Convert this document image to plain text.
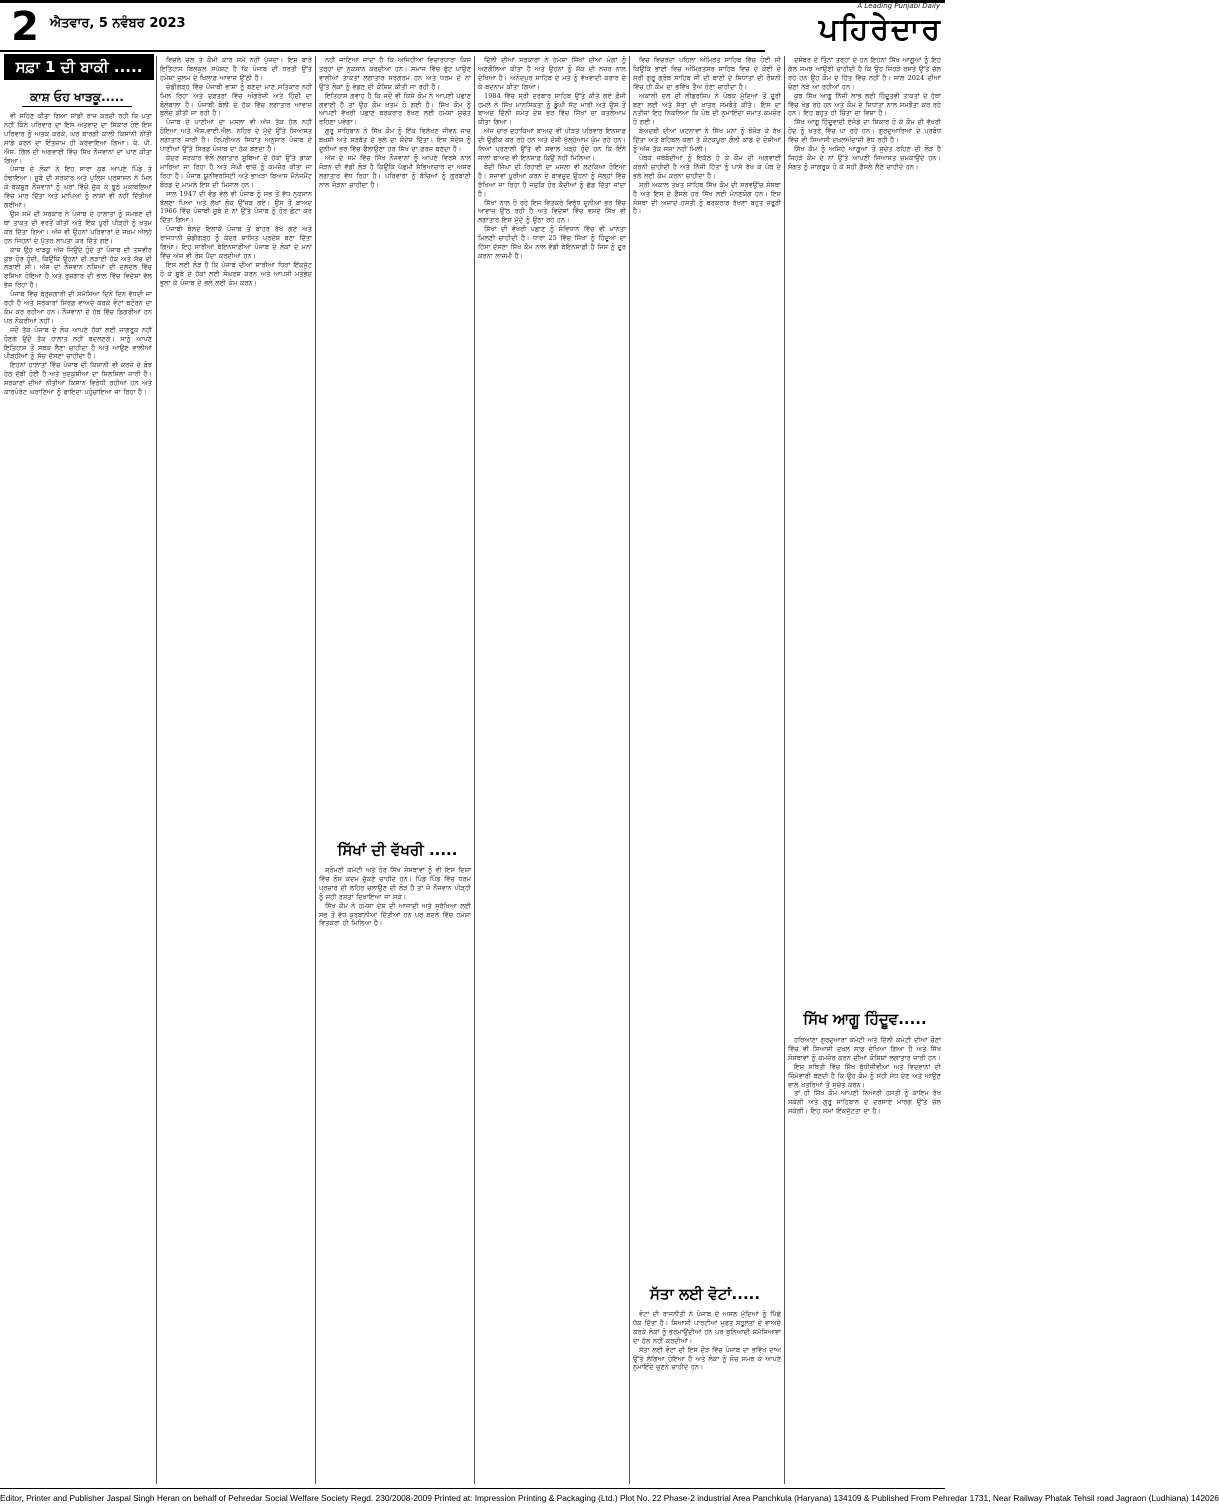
2 ਐਤਵਾਰ, 5 ਨਵੰਬਰ 2023
A Leading Punjabi Daily
ਪਹਿਰੇਦਾਰ
ਸਫ਼ਾ 1 ਦੀ ਬਾਕੀ .....
ਕਾਸ਼ ਓਹ ਖਾੜਕੂ.....

ਵੀ ਸਹਿਣ ਕੀਤਾ ਗਿਆ ਸਾਡੀ ਰਾਜ ਕਰਦੀ ਰਹੀ ਕਿ ਪਤਾ ਨਹੀਂ ਕਿੰਨੇ ਪਰਿਵਾਰ ਦਾ ਇਸ ਅਤਵਾਦ ਦਾ ਸਿਕਾਰ ਹੋਏ ਇਸ ਪਰਿਵਾਰ ਨੂੰ ਅਤਕ ਕਰਕੇ, ਘਰ ਬਾਰਗੀ ਕਾਲੀ ਕਿਸਾਨੀ ਨੀਤੀ ਸਾਡੇ ਕਰਨ ਦਾ ਇੰਤਜ਼ਾਮ ਹੀ ਕਰਵਾਇਆ ਗਿਆ। ਕੇ. ਪੀ. ਐਸ. ਗਿੱਲ ਦੀ ਅਗਵਾਈ ਵਿੱਚ ਸਿੱਖ ਨੌਜਵਾਨਾਂ ਦਾ ਘਾਣ ਕੀਤਾ ਗਿਆ।

ਪੰਜਾਬ ਦੇ ਲੋਕਾਂ ਨੇ ਇਹ ਸਾਰਾ ਕੁਝ ਆਪਣੇ ਪਿੰਡੇ ਤੇ ਹੰਢਾਇਆ। ਸੂਬੇ ਦੀ ਸਰਕਾਰ ਅਤੇ ਪੁਲਿਸ ਪ੍ਰਸ਼ਾਸਨ ਨੇ ਮਿਲ ਕੇ ਬੇਕਸੂਰ ਨੌਜਵਾਨਾਂ ਨੂੰ ਘਰਾਂ ਵਿੱਚੋਂ ਚੁੱਕ ਕੇ ਝੂਠੇ ਮੁਕਾਬਲਿਆਂ ਵਿੱਚ ਮਾਰ ਦਿੱਤਾ ਅਤੇ ਮਾਪਿਆਂ ਨੂੰ ਲਾਸ਼ਾਂ ਵੀ ਨਹੀਂ ਦਿੱਤੀਆਂ ਗਈਆਂ।

ਉਸ ਸਮੇਂ ਦੀ ਸਰਕਾਰ ਨੇ ਪੰਜਾਬ ਦੇ ਹਾਲਾਤਾਂ ਨੂੰ ਸਮਝਣ ਦੀ ਥਾਂ ਤਾਕਤ ਦੀ ਵਰਤੋਂ ਕੀਤੀ ਅਤੇ ਇੱਕ ਪੂਰੀ ਪੀੜ੍ਹੀ ਨੂੰ ਖ਼ਤਮ ਕਰ ਦਿੱਤਾ ਗਿਆ। ਅੱਜ ਵੀ ਉਹਨਾਂ ਪਰਿਵਾਰਾਂ ਦੇ ਜ਼ਖ਼ਮ ਅੱਲ੍ਹੇ ਹਨ ਜਿਹਨਾਂ ਦੇ ਪੁੱਤਰ ਲਾਪਤਾ ਕਰ ਦਿੱਤੇ ਗਏ।

ਕਾਸ਼ ਉਹ ਖਾੜਕੂ ਅੱਜ ਜਿਉਂਦੇ ਹੁੰਦੇ ਤਾਂ ਪੰਜਾਬ ਦੀ ਤਸਵੀਰ ਕੁਝ ਹੋਰ ਹੁੰਦੀ, ਕਿਉਂਕਿ ਉਹਨਾਂ ਦੀ ਲੜਾਈ ਹੱਕ ਅਤੇ ਸੱਚ ਦੀ ਲੜਾਈ ਸੀ। ਅੱਜ ਦਾ ਨੌਜਵਾਨ ਨਸ਼ਿਆਂ ਦੀ ਦਲਦਲ ਵਿੱਚ ਫਸਿਆ ਹੋਇਆ ਹੈ ਅਤੇ ਰੁਜ਼ਗਾਰ ਦੀ ਭਾਲ ਵਿੱਚ ਵਿਦੇਸ਼ਾਂ ਵੱਲ ਭੱਜ ਰਿਹਾ ਹੈ।

ਪੰਜਾਬ ਵਿੱਚ ਬੇਰੁਜ਼ਗਾਰੀ ਦੀ ਸਮੱਸਿਆ ਦਿਨੋਂ ਦਿਨ ਵੱਧਦੀ ਜਾ ਰਹੀ ਹੈ ਅਤੇ ਸਰਕਾਰਾਂ ਸਿਰਫ਼ ਵਾਅਦੇ ਕਰਕੇ ਵੋਟਾਂ ਬਟੋਰਨ ਦਾ ਕੰਮ ਕਰ ਰਹੀਆਂ ਹਨ। ਨੌਜਵਾਨਾਂ ਦੇ ਹੱਥ ਵਿੱਚ ਡਿਗਰੀਆਂ ਹਨ ਪਰ ਨੌਕਰੀਆਂ ਨਹੀਂ।

ਜਦੋਂ ਤੱਕ ਪੰਜਾਬ ਦੇ ਲੋਕ ਆਪਣੇ ਹੱਕਾਂ ਲਈ ਜਾਗਰੂਕ ਨਹੀਂ ਹੋਣਗੇ ਉਦੋਂ ਤੱਕ ਹਾਲਾਤ ਨਹੀਂ ਬਦਲਣਗੇ। ਸਾਨੂੰ ਆਪਣੇ ਇਤਿਹਾਸ ਤੋਂ ਸਬਕ ਲੈਣਾ ਚਾਹੀਦਾ ਹੈ ਅਤੇ ਆਉਣ ਵਾਲੀਆਂ ਪੀੜ੍ਹੀਆਂ ਨੂੰ ਸੱਚ ਦੱਸਣਾ ਚਾਹੀਦਾ ਹੈ।

ਇਹਨਾਂ ਹਾਲਾਤਾਂ ਵਿੱਚ ਪੰਜਾਬ ਦੀ ਕਿਸਾਨੀ ਵੀ ਕਰਜ਼ੇ ਦੇ ਬੋਝ ਹੇਠ ਦੱਬੀ ਹੋਈ ਹੈ ਅਤੇ ਖੁਦਕੁਸ਼ੀਆਂ ਦਾ ਸਿਲਸਿਲਾ ਜਾਰੀ ਹੈ। ਸਰਕਾਰਾਂ ਦੀਆਂ ਨੀਤੀਆਂ ਕਿਸਾਨ ਵਿਰੋਧੀ ਰਹੀਆਂ ਹਨ ਅਤੇ ਕਾਰਪੋਰੇਟ ਘਰਾਣਿਆਂ ਨੂੰ ਫਾਇਦਾ ਪਹੁੰਚਾਇਆ ਜਾ ਰਿਹਾ ਹੈ।

ਵਿਚਲੇ ਚਲ ਤੇ ਕੌਮੀ ਕਾਰ ਸਮੇਂ ਨਹੀਂ ਪੁੱਜਦਾ। ਇਸ ਬਾਰੇ ਇਤਿਹਾਸ ਬਿਲਕੁਲ ਸਪੱਸ਼ਟ ਹੈ ਕਿ ਪੰਜਾਬ ਦੀ ਧਰਤੀ ਉੱਤੇ ਹਮੇਸ਼ਾ ਜ਼ੁਲਮ ਦੇ ਖ਼ਿਲਾਫ਼ ਆਵਾਜ਼ ਉੱਠੀ ਹੈ।

ਚੰਡੀਗੜ੍ਹ ਵਿੱਚ ਪੰਜਾਬੀ ਭਾਸ਼ਾ ਨੂੰ ਬਣਦਾ ਮਾਣ ਸਤਿਕਾਰ ਨਹੀਂ ਮਿਲ ਰਿਹਾ ਅਤੇ ਦਫ਼ਤਰਾਂ ਵਿੱਚ ਅੰਗਰੇਜ਼ੀ ਅਤੇ ਹਿੰਦੀ ਦਾ ਬੋਲਬਾਲਾ ਹੈ। ਪੰਜਾਬੀ ਬੋਲੀ ਦੇ ਹੱਕ ਵਿੱਚ ਲਗਾਤਾਰ ਆਵਾਜ਼ ਬੁਲੰਦ ਕੀਤੀ ਜਾ ਰਹੀ ਹੈ।

ਪੰਜਾਬ ਦੇ ਪਾਣੀਆਂ ਦਾ ਮਸਲਾ ਵੀ ਅੱਜ ਤੱਕ ਹੱਲ ਨਹੀਂ ਹੋਇਆ ਅਤੇ ਐਸ.ਵਾਈ.ਐਲ. ਨਹਿਰ ਦੇ ਮੁੱਦੇ ਉੱਤੇ ਸਿਆਸਤ ਲਗਾਤਾਰ ਜਾਰੀ ਹੈ। ਰਿਪੇਰੀਅਨ ਸਿਧਾਂਤ ਅਨੁਸਾਰ ਪੰਜਾਬ ਦੇ ਪਾਣੀਆਂ ਉੱਤੇ ਸਿਰਫ਼ ਪੰਜਾਬ ਦਾ ਹੱਕ ਬਣਦਾ ਹੈ।

ਕੇਂਦਰ ਸਰਕਾਰ ਵੱਲੋਂ ਲਗਾਤਾਰ ਸੂਬਿਆਂ ਦੇ ਹੱਕਾਂ ਉੱਤੇ ਡਾਕਾ ਮਾਰਿਆ ਜਾ ਰਿਹਾ ਹੈ ਅਤੇ ਸੰਘੀ ਢਾਂਚੇ ਨੂੰ ਕਮਜ਼ੋਰ ਕੀਤਾ ਜਾ ਰਿਹਾ ਹੈ। ਪੰਜਾਬ ਯੂਨੀਵਰਸਿਟੀ ਅਤੇ ਭਾਖੜਾ ਬਿਆਸ ਮੈਨੇਜਮੈਂਟ ਬੋਰਡ ਦੇ ਮਾਮਲੇ ਇਸ ਦੀ ਮਿਸਾਲ ਹਨ।

ਸਾਲ 1947 ਦੀ ਵੰਡ ਵੇਲੇ ਵੀ ਪੰਜਾਬ ਨੂੰ ਸਭ ਤੋਂ ਵੱਧ ਨੁਕਸਾਨ ਝੱਲਣਾ ਪਿਆ ਅਤੇ ਲੱਖਾਂ ਲੋਕ ਉੱਜੜ ਗਏ। ਉਸ ਤੋਂ ਬਾਅਦ 1966 ਵਿੱਚ ਪੰਜਾਬੀ ਸੂਬੇ ਦੇ ਨਾਂ ਉੱਤੇ ਪੰਜਾਬ ਨੂੰ ਹੋਰ ਛੋਟਾ ਕਰ ਦਿੱਤਾ ਗਿਆ।

ਪੰਜਾਬੀ ਬੋਲਦੇ ਇਲਾਕੇ ਪੰਜਾਬ ਤੋਂ ਬਾਹਰ ਰੱਖੇ ਗਏ ਅਤੇ ਰਾਜਧਾਨੀ ਚੰਡੀਗੜ੍ਹ ਨੂੰ ਕੇਂਦਰ ਸ਼ਾਸਿਤ ਪ੍ਰਦੇਸ਼ ਬਣਾ ਦਿੱਤਾ ਗਿਆ। ਇਹ ਸਾਰੀਆਂ ਬੇਇਨਸਾਫ਼ੀਆਂ ਪੰਜਾਬ ਦੇ ਲੋਕਾਂ ਦੇ ਮਨਾਂ ਵਿੱਚ ਅੱਜ ਵੀ ਰੋਸ ਪੈਦਾ ਕਰਦੀਆਂ ਹਨ।

ਇਸ ਲਈ ਲੋੜ ਹੈ ਕਿ ਪੰਜਾਬ ਦੀਆਂ ਸਾਰੀਆਂ ਧਿਰਾਂ ਇੱਕਜੁੱਟ ਹੋ ਕੇ ਸੂਬੇ ਦੇ ਹੱਕਾਂ ਲਈ ਸੰਘਰਸ਼ ਕਰਨ ਅਤੇ ਆਪਸੀ ਮਤਭੇਦ ਭੁਲਾ ਕੇ ਪੰਜਾਬ ਦੇ ਭਲੇ ਲਈ ਕੰਮ ਕਰਨ।

ਨਹੀਂ ਜਾਣਿਆ ਜਾਂਦਾ ਹੈ ਕਿ ਅਜਿਹੀਆਂ ਵਿਚਾਰਧਾਰਾ ਕਿਸ ਤਰ੍ਹਾਂ ਦਾ ਨੁਕਸਾਨ ਕਰਦੀਆਂ ਹਨ। ਸਮਾਜ ਵਿੱਚ ਫੁੱਟ ਪਾਉਣ ਵਾਲੀਆਂ ਤਾਕਤਾਂ ਲਗਾਤਾਰ ਸਰਗਰਮ ਹਨ ਅਤੇ ਧਰਮ ਦੇ ਨਾਂ ਉੱਤੇ ਲੋਕਾਂ ਨੂੰ ਵੰਡਣ ਦੀ ਕੋਸ਼ਿਸ਼ ਕੀਤੀ ਜਾ ਰਹੀ ਹੈ।

ਇਤਿਹਾਸ ਗਵਾਹ ਹੈ ਕਿ ਜਦੋਂ ਵੀ ਕਿਸੇ ਕੌਮ ਨੇ ਆਪਣੀ ਪਛਾਣ ਗਵਾਈ ਹੈ ਤਾਂ ਉਹ ਕੌਮ ਖ਼ਤਮ ਹੋ ਗਈ ਹੈ। ਸਿੱਖ ਕੌਮ ਨੂੰ ਆਪਣੀ ਵੱਖਰੀ ਪਛਾਣ ਬਰਕਰਾਰ ਰੱਖਣ ਲਈ ਹਮੇਸ਼ਾ ਸੁਚੇਤ ਰਹਿਣਾ ਪਵੇਗਾ।

ਗੁਰੂ ਸਾਹਿਬਾਨ ਨੇ ਸਿੱਖ ਕੌਮ ਨੂੰ ਇੱਕ ਵਿਲੱਖਣ ਜੀਵਨ ਜਾਚ ਬਖ਼ਸ਼ੀ ਅਤੇ ਸਰਬੱਤ ਦੇ ਭਲੇ ਦਾ ਸੰਦੇਸ਼ ਦਿੱਤਾ। ਇਸ ਸੰਦੇਸ਼ ਨੂੰ ਦੁਨੀਆਂ ਭਰ ਵਿੱਚ ਫੈਲਾਉਣਾ ਹਰ ਸਿੱਖ ਦਾ ਫ਼ਰਜ਼ ਬਣਦਾ ਹੈ।

ਅੱਜ ਦੇ ਸਮੇਂ ਵਿੱਚ ਸਿੱਖ ਨੌਜਵਾਨਾਂ ਨੂੰ ਆਪਣੇ ਵਿਰਸੇ ਨਾਲ ਜੋੜਨ ਦੀ ਵੱਡੀ ਲੋੜ ਹੈ ਕਿਉਂਕਿ ਪੱਛਮੀ ਸੱਭਿਆਚਾਰ ਦਾ ਅਸਰ ਲਗਾਤਾਰ ਵੱਧ ਰਿਹਾ ਹੈ। ਪਰਿਵਾਰਾਂ ਨੂੰ ਬੱਚਿਆਂ ਨੂੰ ਗੁਰਬਾਣੀ ਨਾਲ ਜੋੜਨਾ ਚਾਹੀਦਾ ਹੈ।

ਸਿੱਖਾਂ ਦੀ ਵੱਖਰੀ .....

ਸ਼੍ਰੋਮਣੀ ਕਮੇਟੀ ਅਤੇ ਹੋਰ ਸਿੱਖ ਸੰਸਥਾਵਾਂ ਨੂੰ ਵੀ ਇਸ ਦਿਸ਼ਾ ਵਿੱਚ ਠੋਸ ਕਦਮ ਚੁੱਕਣੇ ਚਾਹੀਦੇ ਹਨ। ਪਿੰਡ ਪਿੰਡ ਵਿੱਚ ਧਰਮ ਪ੍ਰਚਾਰ ਦੀ ਲਹਿਰ ਚਲਾਉਣ ਦੀ ਲੋੜ ਹੈ ਤਾਂ ਜੋ ਨੌਜਵਾਨ ਪੀੜ੍ਹੀ ਨੂੰ ਸਹੀ ਰਸਤਾ ਦਿਖਾਇਆ ਜਾ ਸਕੇ।

ਸਿੱਖ ਕੌਮ ਨੇ ਹਮੇਸ਼ਾ ਦੇਸ਼ ਦੀ ਆਜ਼ਾਦੀ ਅਤੇ ਸੁਰੱਖਿਆ ਲਈ ਸਭ ਤੋਂ ਵੱਧ ਕੁਰਬਾਨੀਆਂ ਦਿੱਤੀਆਂ ਹਨ ਪਰ ਬਦਲੇ ਵਿੱਚ ਹਮੇਸ਼ਾ ਵਿਤਕਰਾ ਹੀ ਮਿਲਿਆ ਹੈ।

ਦਿੱਲੀ ਦੀਆਂ ਸਰਕਾਰਾਂ ਨੇ ਹਮੇਸ਼ਾ ਸਿੱਖਾਂ ਦੀਆਂ ਮੰਗਾਂ ਨੂੰ ਅਣਗੌਲਿਆ ਕੀਤਾ ਹੈ ਅਤੇ ਉਹਨਾਂ ਨੂੰ ਸ਼ੱਕ ਦੀ ਨਜ਼ਰ ਨਾਲ ਦੇਖਿਆ ਹੈ। ਅਨੰਦਪੁਰ ਸਾਹਿਬ ਦੇ ਮਤੇ ਨੂੰ ਵੱਖਵਾਦੀ ਕਰਾਰ ਦੇ ਕੇ ਬਦਨਾਮ ਕੀਤਾ ਗਿਆ।

1984 ਵਿੱਚ ਸ੍ਰੀ ਦਰਬਾਰ ਸਾਹਿਬ ਉੱਤੇ ਕੀਤੇ ਗਏ ਫ਼ੌਜੀ ਹਮਲੇ ਨੇ ਸਿੱਖ ਮਾਨਸਿਕਤਾ ਨੂੰ ਡੂੰਘੀ ਸੱਟ ਮਾਰੀ ਅਤੇ ਉਸ ਤੋਂ ਬਾਅਦ ਦਿੱਲੀ ਸਮੇਤ ਦੇਸ਼ ਭਰ ਵਿੱਚ ਸਿੱਖਾਂ ਦਾ ਕਤਲੇਆਮ ਕੀਤਾ ਗਿਆ।

ਅੱਜ ਚਾਰ ਦਹਾਕਿਆਂ ਬਾਅਦ ਵੀ ਪੀੜਤ ਪਰਿਵਾਰ ਇਨਸਾਫ਼ ਦੀ ਉਡੀਕ ਕਰ ਰਹੇ ਹਨ ਅਤੇ ਦੋਸ਼ੀ ਖੁੱਲ੍ਹੇਆਮ ਘੁੰਮ ਰਹੇ ਹਨ। ਨਿਆਂ ਪ੍ਰਣਾਲੀ ਉੱਤੇ ਵੀ ਸਵਾਲ ਖੜ੍ਹੇ ਹੁੰਦੇ ਹਨ ਕਿ ਇੰਨੇ ਸਾਲਾਂ ਬਾਅਦ ਵੀ ਇਨਸਾਫ਼ ਕਿਉਂ ਨਹੀਂ ਮਿਲਿਆ।

ਬੰਦੀ ਸਿੰਘਾਂ ਦੀ ਰਿਹਾਈ ਦਾ ਮਸਲਾ ਵੀ ਲਟਕਿਆ ਹੋਇਆ ਹੈ। ਸਜ਼ਾਵਾਂ ਪੂਰੀਆਂ ਕਰਨ ਦੇ ਬਾਵਜੂਦ ਉਹਨਾਂ ਨੂੰ ਜੇਲ੍ਹਾਂ ਵਿੱਚ ਰੱਖਿਆ ਜਾ ਰਿਹਾ ਹੈ ਜਦਕਿ ਹੋਰ ਕੈਦੀਆਂ ਨੂੰ ਛੱਡ ਦਿੱਤਾ ਜਾਂਦਾ ਹੈ।

ਸਿੱਖਾਂ ਨਾਲ ਹੋ ਰਹੇ ਇਸ ਵਿਤਕਰੇ ਵਿਰੁੱਧ ਦੁਨੀਆਂ ਭਰ ਵਿੱਚ ਆਵਾਜ਼ ਉੱਠ ਰਹੀ ਹੈ ਅਤੇ ਵਿਦੇਸ਼ਾਂ ਵਿੱਚ ਵਸਦੇ ਸਿੱਖ ਵੀ ਲਗਾਤਾਰ ਇਸ ਮੁੱਦੇ ਨੂੰ ਉਠਾ ਰਹੇ ਹਨ।

ਸਿੱਖਾਂ ਦੀ ਵੱਖਰੀ ਪਛਾਣ ਨੂੰ ਸੰਵਿਧਾਨ ਵਿੱਚ ਵੀ ਮਾਨਤਾ ਮਿਲਣੀ ਚਾਹੀਦੀ ਹੈ। ਧਾਰਾ 25 ਵਿੱਚ ਸਿੱਖਾਂ ਨੂੰ ਹਿੰਦੂਆਂ ਦਾ ਹਿੱਸਾ ਦੱਸਣਾ ਸਿੱਖ ਕੌਮ ਨਾਲ ਵੱਡੀ ਬੇਇਨਸਾਫ਼ੀ ਹੈ ਜਿਸ ਨੂੰ ਦੂਰ ਕਰਨਾ ਲਾਜ਼ਮੀ ਹੈ।

ਵਿਚ ਵਿਚਰਦਾ ਪਹਿਲਾ ਅੰਮ੍ਰਿਤ ਸਾਹਿਬ ਵਿੱਚ ਹੋਈ ਸੀ ਕਿਉਂਕਿ ਭਾਈ ਵਿਚ ਅੰਮ੍ਰਿਤਸਰ ਸਾਹਿਬ ਵਿਚ ਦੇ ਕੋਈ ਦੋ ਸ੍ਰੀ ਗੁਰੂ ਗ੍ਰੰਥ ਸਾਹਿਬ ਜੀ ਦੀ ਬਾਣੀ ਦੇ ਸਿਧਾਂਤਾਂ ਦੀ ਰੌਸ਼ਨੀ ਵਿੱਚ ਹੀ ਕੌਮ ਦਾ ਭਵਿੱਖ ਤੈਅ ਹੋਣਾ ਚਾਹੀਦਾ ਹੈ।

ਅਕਾਲੀ ਦਲ ਦੀ ਲੀਡਰਸ਼ਿਪ ਨੇ ਪੰਥਕ ਮੁੱਦਿਆਂ ਤੋਂ ਦੂਰੀ ਬਣਾ ਲਈ ਅਤੇ ਸੱਤਾ ਦੀ ਖ਼ਾਤਰ ਸਮਝੌਤੇ ਕੀਤੇ। ਇਸ ਦਾ ਨਤੀਜਾ ਇਹ ਨਿਕਲਿਆ ਕਿ ਪੰਥ ਦੀ ਨੁਮਾਇੰਦਾ ਜਮਾਤ ਕਮਜ਼ੋਰ ਹੋ ਗਈ।

ਬੇਅਦਬੀ ਦੀਆਂ ਘਟਨਾਵਾਂ ਨੇ ਸਿੱਖ ਮਨਾਂ ਨੂੰ ਝੰਜੋੜ ਕੇ ਰੱਖ ਦਿੱਤਾ ਅਤੇ ਬਹਿਬਲ ਕਲਾਂ ਤੇ ਕੋਟਕਪੂਰਾ ਗੋਲੀ ਕਾਂਡ ਦੇ ਦੋਸ਼ੀਆਂ ਨੂੰ ਅੱਜ ਤੱਕ ਸਜ਼ਾ ਨਹੀਂ ਮਿਲੀ।

ਪੰਥਕ ਜਥੇਬੰਦੀਆਂ ਨੂੰ ਇਕੱਠੇ ਹੋ ਕੇ ਕੌਮ ਦੀ ਅਗਵਾਈ ਕਰਨੀ ਚਾਹੀਦੀ ਹੈ ਅਤੇ ਨਿੱਜੀ ਹਿੱਤਾਂ ਨੂੰ ਪਾਸੇ ਰੱਖ ਕੇ ਪੰਥ ਦੇ ਭਲੇ ਲਈ ਕੰਮ ਕਰਨਾ ਚਾਹੀਦਾ ਹੈ।

ਸ੍ਰੀ ਅਕਾਲ ਤਖ਼ਤ ਸਾਹਿਬ ਸਿੱਖ ਕੌਮ ਦੀ ਸਰਵਉੱਚ ਸੰਸਥਾ ਹੈ ਅਤੇ ਇਸ ਦੇ ਫ਼ੈਸਲੇ ਹਰ ਸਿੱਖ ਲਈ ਮੰਨਣਯੋਗ ਹਨ। ਇਸ ਸੰਸਥਾ ਦੀ ਅਜ਼ਾਦ ਹਸਤੀ ਨੂੰ ਬਰਕਰਾਰ ਰੱਖਣਾ ਬਹੁਤ ਜ਼ਰੂਰੀ ਹੈ।

ਸੱਤਾ ਲਈ ਵੋਟਾਂ.....

ਵੋਟਾਂ ਦੀ ਰਾਜਨੀਤੀ ਨੇ ਪੰਜਾਬ ਦੇ ਅਸਲ ਮੁੱਦਿਆਂ ਨੂੰ ਪਿੱਛੇ ਧੱਕ ਦਿੱਤਾ ਹੈ। ਸਿਆਸੀ ਪਾਰਟੀਆਂ ਮੁਫ਼ਤ ਸਹੂਲਤਾਂ ਦੇ ਵਾਅਦੇ ਕਰਕੇ ਲੋਕਾਂ ਨੂੰ ਭਰਮਾਉਂਦੀਆਂ ਹਨ ਪਰ ਬੁਨਿਆਦੀ ਸਮੱਸਿਆਵਾਂ ਦਾ ਹੱਲ ਨਹੀਂ ਕਰਦੀਆਂ।

ਸੱਤਾ ਲਈ ਵੋਟਾਂ ਦੀ ਇਸ ਦੌੜ ਵਿੱਚ ਪੰਜਾਬ ਦਾ ਭਵਿੱਖ ਦਾਅ ਉੱਤੇ ਲੱਗਿਆ ਹੋਇਆ ਹੈ ਅਤੇ ਲੋਕਾਂ ਨੂੰ ਸੋਚ ਸਮਝ ਕੇ ਆਪਣੇ ਨੁਮਾਇੰਦੇ ਚੁਣਨੇ ਚਾਹੀਦੇ ਹਨ।

ਦਸੰਬਰ ਦੇ ਤਿੰਨਾਂ ਤਰ੍ਹਾਂ ਦੇ ਹਨ ਇਹਨਾਂ ਸਿੱਖ ਆਗੂਆਂ ਨੂੰ ਇਹ ਗੱਲ ਸਮਝ ਆਉਣੀ ਚਾਹੀਦੀ ਹੈ ਕਿ ਉਹ ਜਿਹੜੇ ਰਸਤੇ ਉੱਤੇ ਚੱਲ ਰਹੇ ਹਨ ਉਹ ਕੌਮ ਦੇ ਹਿੱਤ ਵਿੱਚ ਨਹੀਂ ਹੈ। ਸਾਲ 2024 ਦੀਆਂ ਚੋਣਾਂ ਨੇੜੇ ਆ ਰਹੀਆਂ ਹਨ।

ਕੁਝ ਸਿੱਖ ਆਗੂ ਨਿੱਜੀ ਲਾਭ ਲਈ ਹਿੰਦੂਤਵੀ ਤਾਕਤਾਂ ਦੇ ਹੱਥਾਂ ਵਿੱਚ ਖੇਡ ਰਹੇ ਹਨ ਅਤੇ ਕੌਮ ਦੇ ਸਿਧਾਂਤਾਂ ਨਾਲ ਸਮਝੌਤਾ ਕਰ ਰਹੇ ਹਨ। ਇਹ ਬਹੁਤ ਹੀ ਚਿੰਤਾ ਦਾ ਵਿਸ਼ਾ ਹੈ।

ਸਿੱਖ ਆਗੂ ਹਿੰਦੂਵਾਦੀ ਏਜੰਡੇ ਦਾ ਸ਼ਿਕਾਰ ਹੋ ਕੇ ਕੌਮ ਦੀ ਵੱਖਰੀ ਹੋਂਦ ਨੂੰ ਖ਼ਤਰੇ ਵਿੱਚ ਪਾ ਰਹੇ ਹਨ। ਗੁਰਦੁਆਰਿਆਂ ਦੇ ਪ੍ਰਬੰਧ ਵਿੱਚ ਵੀ ਸਿਆਸੀ ਦਖ਼ਲਅੰਦਾਜ਼ੀ ਵੱਧ ਰਹੀ ਹੈ।

ਸਿੱਖ ਕੌਮ ਨੂੰ ਅਜਿਹੇ ਆਗੂਆਂ ਤੋਂ ਸੁਚੇਤ ਰਹਿਣ ਦੀ ਲੋੜ ਹੈ ਜਿਹੜੇ ਕੌਮ ਦੇ ਨਾਂ ਉੱਤੇ ਆਪਣੀ ਸਿਆਸਤ ਚਮਕਾਉਂਦੇ ਹਨ। ਸੰਗਤ ਨੂੰ ਜਾਗਰੂਕ ਹੋ ਕੇ ਸਹੀ ਫ਼ੈਸਲੇ ਲੈਣੇ ਚਾਹੀਦੇ ਹਨ।

ਸਿੱਖ ਆਗੂ ਹਿੰਦੂਵ.....

ਹਰਿਆਣਾ ਗੁਰਦੁਆਰਾ ਕਮੇਟੀ ਅਤੇ ਦਿੱਲੀ ਕਮੇਟੀ ਦੀਆਂ ਚੋਣਾਂ ਵਿੱਚ ਵੀ ਸਿਆਸੀ ਦਖ਼ਲ ਸਾਫ਼ ਦੇਖਿਆ ਗਿਆ ਹੈ ਅਤੇ ਸਿੱਖ ਸੰਸਥਾਵਾਂ ਨੂੰ ਕਮਜ਼ੋਰ ਕਰਨ ਦੀਆਂ ਕੋਸ਼ਿਸ਼ਾਂ ਲਗਾਤਾਰ ਜਾਰੀ ਹਨ।

ਇਸ ਸਥਿਤੀ ਵਿੱਚ ਸਿੱਖ ਬੁੱਧੀਜੀਵੀਆਂ ਅਤੇ ਵਿਦਵਾਨਾਂ ਦੀ ਜ਼ਿੰਮੇਵਾਰੀ ਬਣਦੀ ਹੈ ਕਿ ਉਹ ਕੌਮ ਨੂੰ ਸਹੀ ਸੇਧ ਦੇਣ ਅਤੇ ਆਉਣ ਵਾਲੇ ਖ਼ਤਰਿਆਂ ਤੋਂ ਸੁਚੇਤ ਕਰਨ।

ਤਾਂ ਹੀ ਸਿੱਖ ਕੌਮ ਆਪਣੀ ਨਿਆਰੀ ਹਸਤੀ ਨੂੰ ਕਾਇਮ ਰੱਖ ਸਕੇਗੀ ਅਤੇ ਗੁਰੂ ਸਾਹਿਬਾਨ ਦੇ ਦਰਸਾਏ ਮਾਰਗ ਉੱਤੇ ਚੱਲ ਸਕੇਗੀ। ਇਹ ਸਮਾਂ ਇੱਕਜੁੱਟਤਾ ਦਾ ਹੈ।

Editor, Printer and Publisher Jaspal Singh Heran on behalf of Pehredar Social Welfare Society Regd. 230/2008-2009 Printed at: Impression Printing & Packaging (Ltd.) Plot No. 22 Phase-2 industrial Area Panchkula (Haryana) 134109 & Published From Pehredar 1731, Near Railway Phatak Tehsil road Jagraon (Ludhiana) 142026
